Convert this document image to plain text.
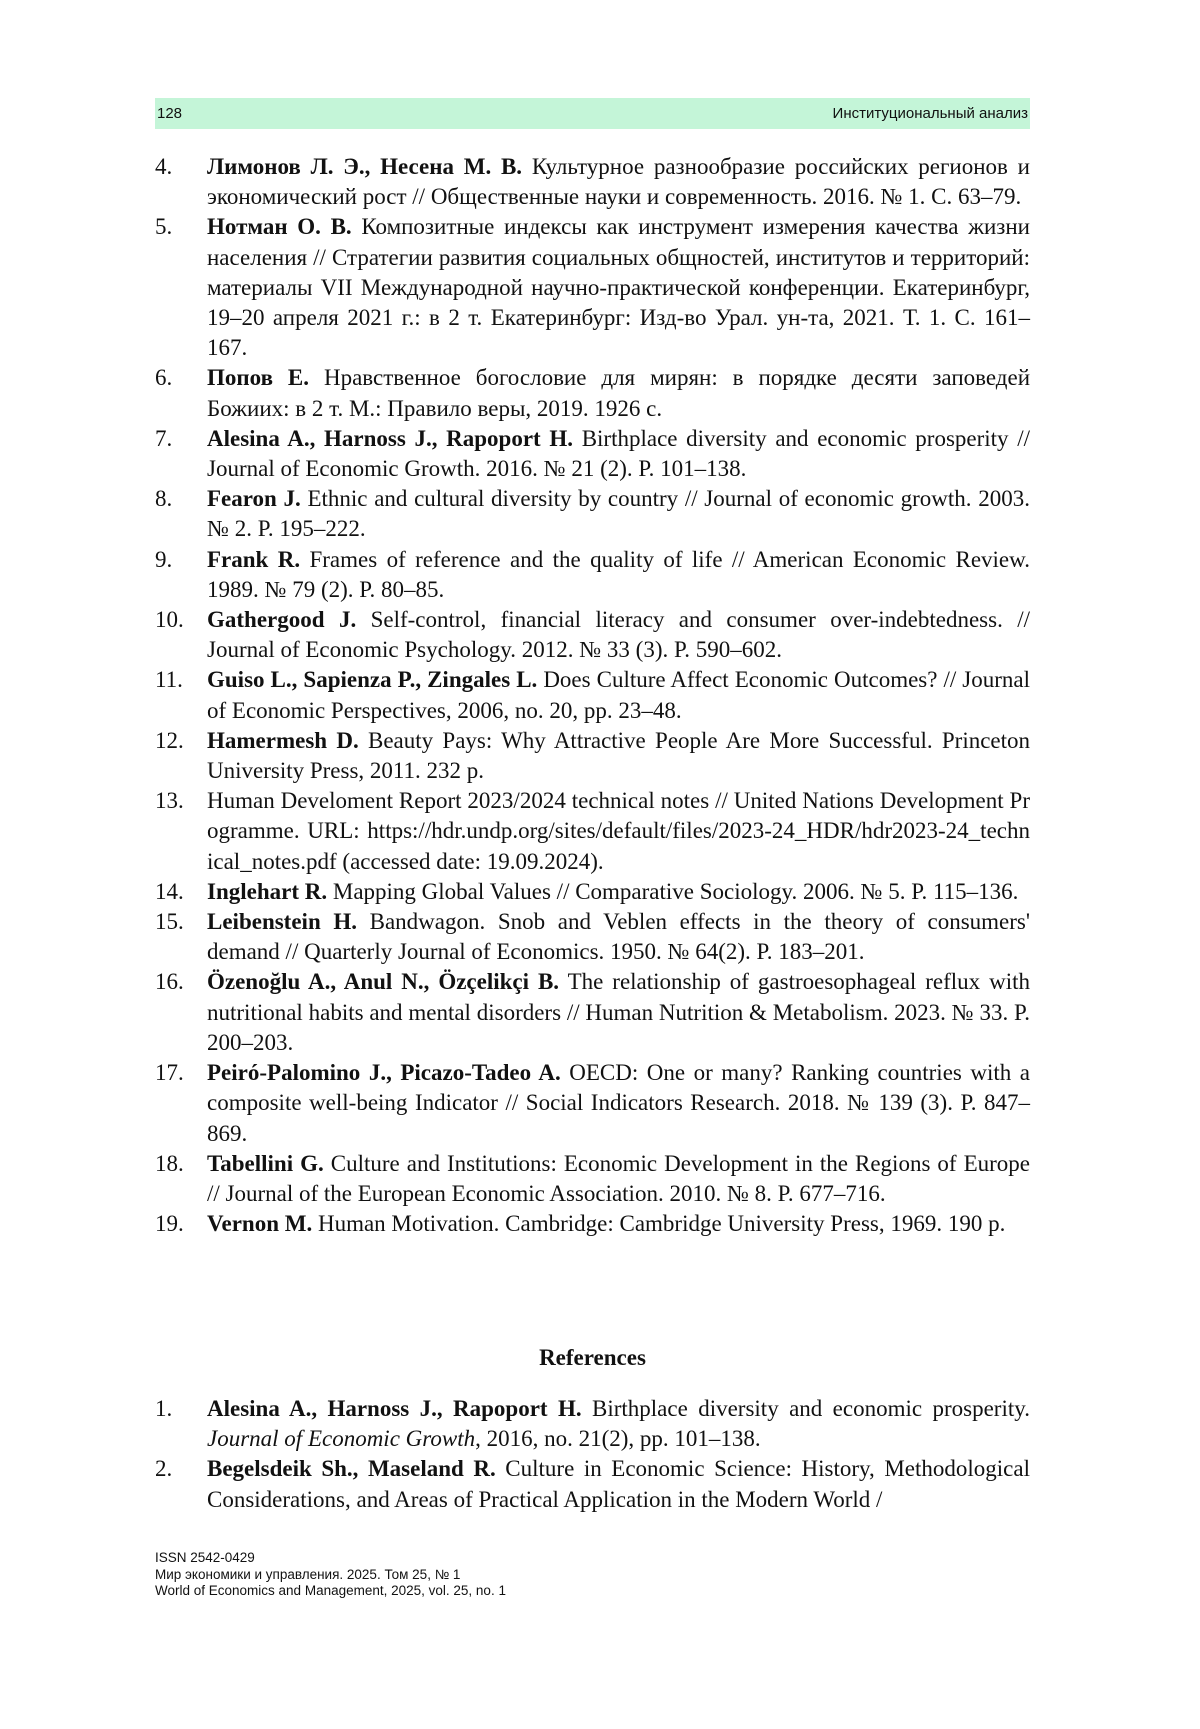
128	Институциональный анализ

4.	Лимонов Л. Э., Несена М. В. Культурное разнообразие российских регионов и экономический рост // Общественные науки и современность. 2016. № 1. С. 63–79.

5.	Нотман О. В. Композитные индексы как инструмент измерения качества жизни населения // Стратегии развития социальных общностей, институтов и территорий: материалы VII Международной научно-практической конференции. Екатеринбург, 19–20 апреля 2021 г.: в 2 т. Екатеринбург: Изд-во Урал. ун-та, 2021. Т. 1. С. 161–167.

6.	Попов Е. Нравственное богословие для мирян: в порядке десяти заповедей Божиих: в 2 т. М.: Правило веры, 2019. 1926 с.

7.	Alesina A., Harnoss J., Rapoport H. Birthplace diversity and economic prosperity // Journal of Economic Growth. 2016. № 21 (2). P. 101–138.

8.	Fearon J. Ethnic and cultural diversity by country // Journal of economic growth. 2003. № 2. P. 195–222.

9.	Frank R. Frames of reference and the quality of life // American Economic Review. 1989. № 79 (2). P. 80–85.

10.	Gathergood J. Self-control, financial literacy and consumer over-indebtedness. // Journal of Economic Psychology. 2012. № 33 (3). P. 590–602.

11.	Guiso L., Sapienza P., Zingales L. Does Culture Affect Economic Outcomes? // Journal of Economic Perspectives, 2006, no. 20, pp. 23–48.

12.	Hamermesh D. Beauty Pays: Why Attractive People Are More Successful. Princeton University Press, 2011. 232 p.

13.	Human Develoment Report 2023/2024 technical notes // United Nations Development Programme. URL: https://hdr.undp.org/sites/default/files/2023-24_HDR/hdr2023-24_technical_notes.pdf (accessed date: 19.09.2024).

14.	Inglehart R. Mapping Global Values // Comparative Sociology. 2006. № 5. P. 115–136.

15.	Leibenstein H. Bandwagon. Snob and Veblen effects in the theory of consumers' demand // Quarterly Journal of Economics. 1950. № 64(2). P. 183–201.

16.	Özenoğlu A., Anul N., Özçelikçi B. The relationship of gastroesophageal reflux with nutritional habits and mental disorders // Human Nutrition & Metabolism. 2023. № 33. P. 200–203.

17.	Peiró-Palomino J., Picazo-Tadeo A. OECD: One or many? Ranking countries with a composite well-being Indicator // Social Indicators Research. 2018. № 139 (3). P. 847–869.

18.	Tabellini G. Culture and Institutions: Economic Development in the Regions of Europe // Journal of the European Economic Association. 2010. № 8. P. 677–716.

19.	Vernon M. Human Motivation. Cambridge: Cambridge University Press, 1969. 190 p.

References

1.	Alesina A., Harnoss J., Rapoport H. Birthplace diversity and economic prosperity. Journal of Economic Growth, 2016, no. 21(2), pp. 101–138.

2.	Begelsdeik Sh., Maseland R. Culture in Economic Science: History, Methodological Considerations, and Areas of Practical Application in the Modern World /

ISSN 2542-0429
Мир экономики и управления. 2025. Том 25, № 1
World of Economics and Management, 2025, vol. 25, no. 1
